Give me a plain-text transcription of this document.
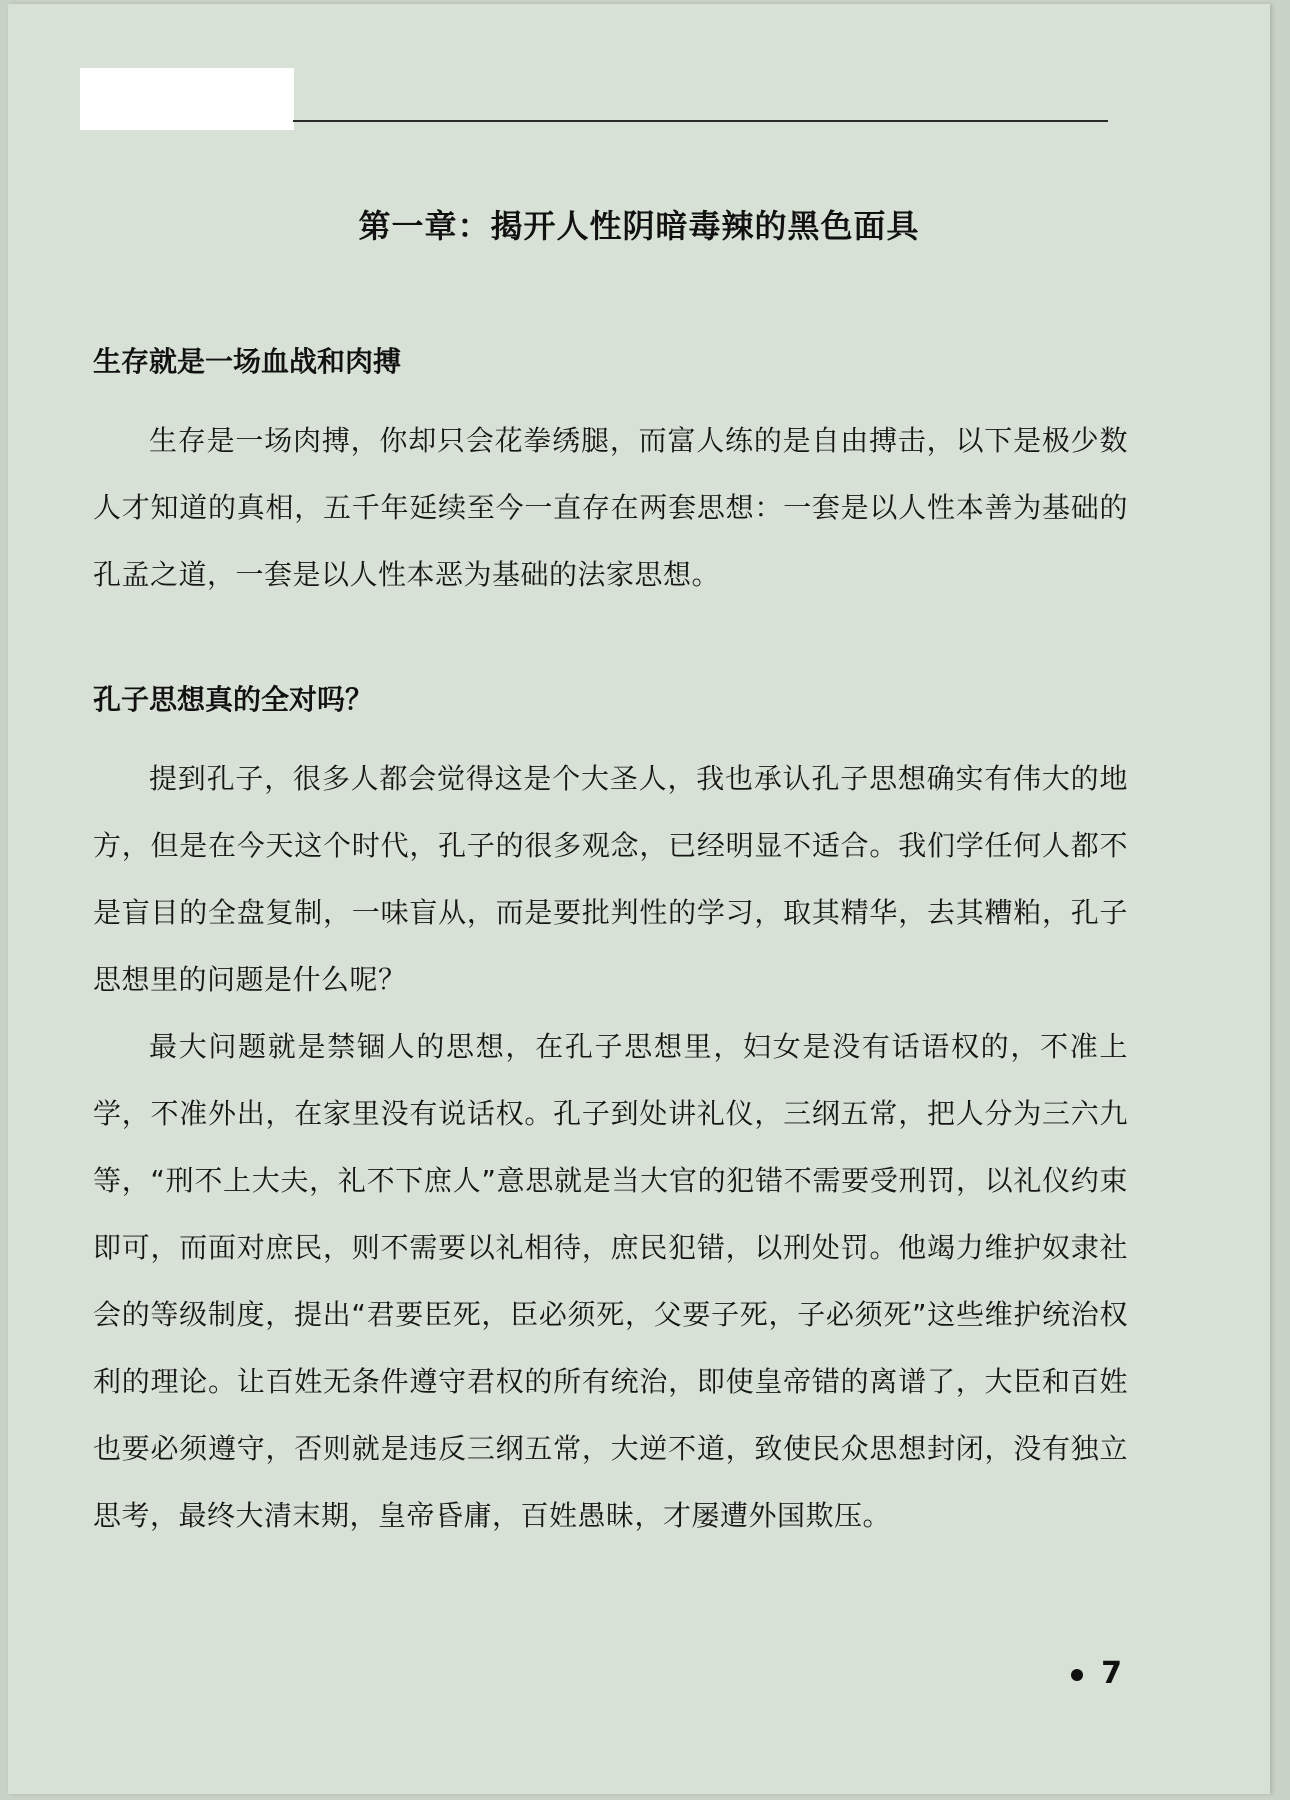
第一章：揭开人性阴暗毒辣的黑色面具
生存就是一场血战和肉搏

生存是一场肉搏，你却只会花拳绣腿，而富人练的是自由搏击，以下是极少数人才知道的真相，五千年延续至今一直存在两套思想：一套是以人性本善为基础的孔孟之道，一套是以人性本恶为基础的法家思想。

孔子思想真的全对吗？

提到孔子，很多人都会觉得这是个大圣人，我也承认孔子思想确实有伟大的地方，但是在今天这个时代，孔子的很多观念，已经明显不适合。我们学任何人都不是盲目的全盘复制，一味盲从，而是要批判性的学习，取其精华，去其糟粕，孔子思想里的问题是什么呢？

最大问题就是禁锢人的思想，在孔子思想里，妇女是没有话语权的，不准上学，不准外出，在家里没有说话权。孔子到处讲礼仪，三纲五常，把人分为三六九等，“刑不上大夫，礼不下庶人”意思就是当大官的犯错不需要受刑罚，以礼仪约束即可，而面对庶民，则不需要以礼相待，庶民犯错，以刑处罚。他竭力维护奴隶社会的等级制度，提出“君要臣死，臣必须死，父要子死，子必须死”这些维护统治权利的理论。让百姓无条件遵守君权的所有统治，即使皇帝错的离谱了，大臣和百姓也要必须遵守，否则就是违反三纲五常，大逆不道，致使民众思想封闭，没有独立思考，最终大清末期，皇帝昏庸，百姓愚昧，才屡遭外国欺压。

7
